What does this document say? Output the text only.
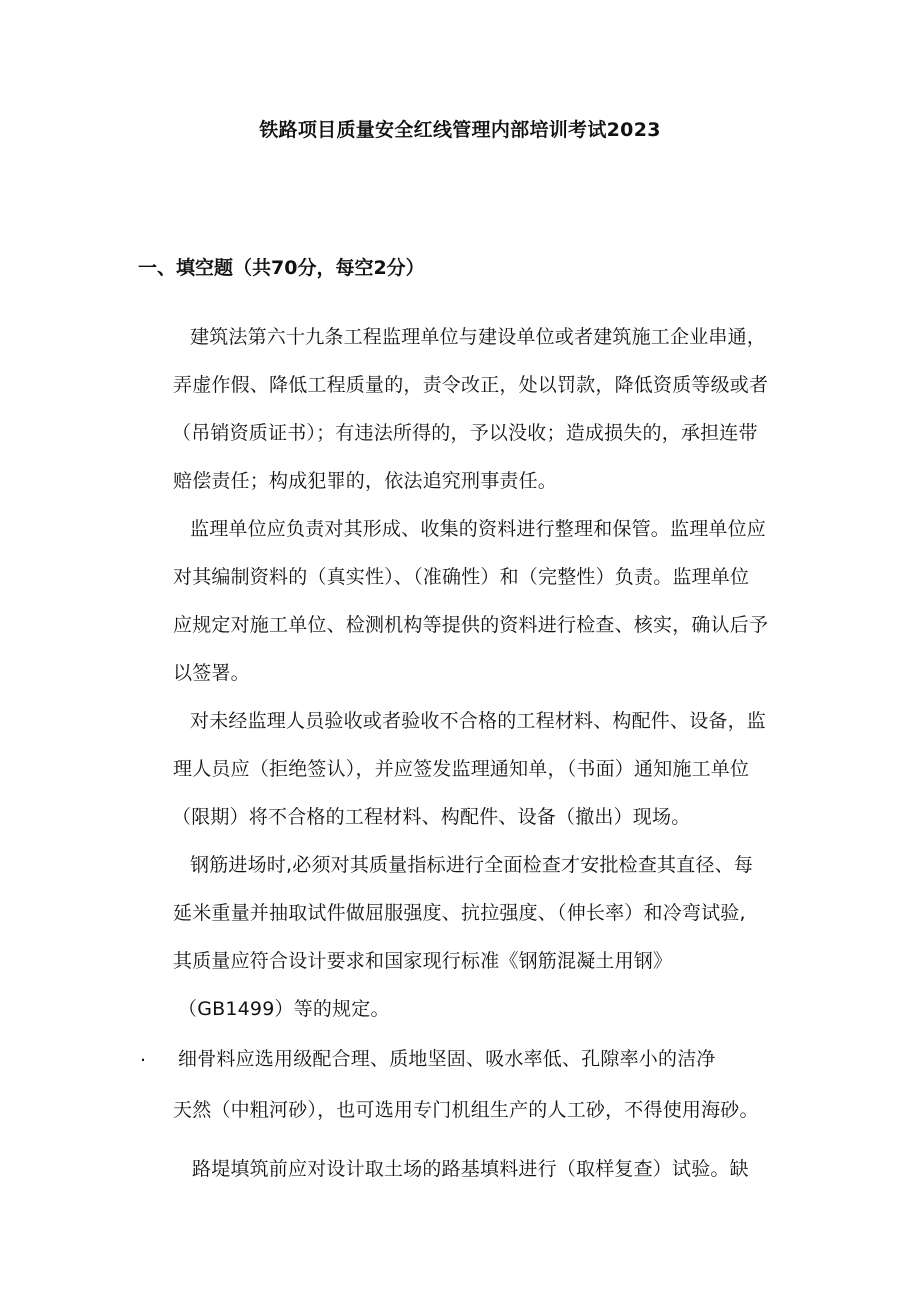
铁路项目质量安全红线管理内部培训考试2023
一、填空题（共70分，每空2分）
建筑法第六十九条工程监理单位与建设单位或者建筑施工企业串通，
弄虚作假、降低工程质量的，责令改正，处以罚款，降低资质等级或者
（吊销资质证书）；有违法所得的，予以没收；造成损失的，承担连带
赔偿责任；构成犯罪的，依法追究刑事责任。
监理单位应负责对其形成、收集的资料进行整理和保管。监理单位应
对其编制资料的（真实性）、（准确性）和（完整性）负责。监理单位
应规定对施工单位、检测机构等提供的资料进行检查、核实，确认后予
以签署。
对未经监理人员验收或者验收不合格的工程材料、构配件、设备，监
理人员应（拒绝签认），并应签发监理通知单，（书面）通知施工单位
（限期）将不合格的工程材料、构配件、设备（撤出）现场。
钢筋进场时,必须对其质量指标进行全面检查才安批检查其直径、每
延米重量并抽取试件做屈服强度、抗拉强度、（伸长率）和冷弯试验,
其质量应符合设计要求和国家现行标准《钢筋混凝土用钢》
（GB1499）等的规定。
. 细骨料应选用级配合理、质地坚固、吸水率低、孔隙率小的洁净
天然（中粗河砂），也可选用专门机组生产的人工砂，不得使用海砂。
路堤填筑前应对设计取土场的路基填料进行（取样复查）试验。缺
